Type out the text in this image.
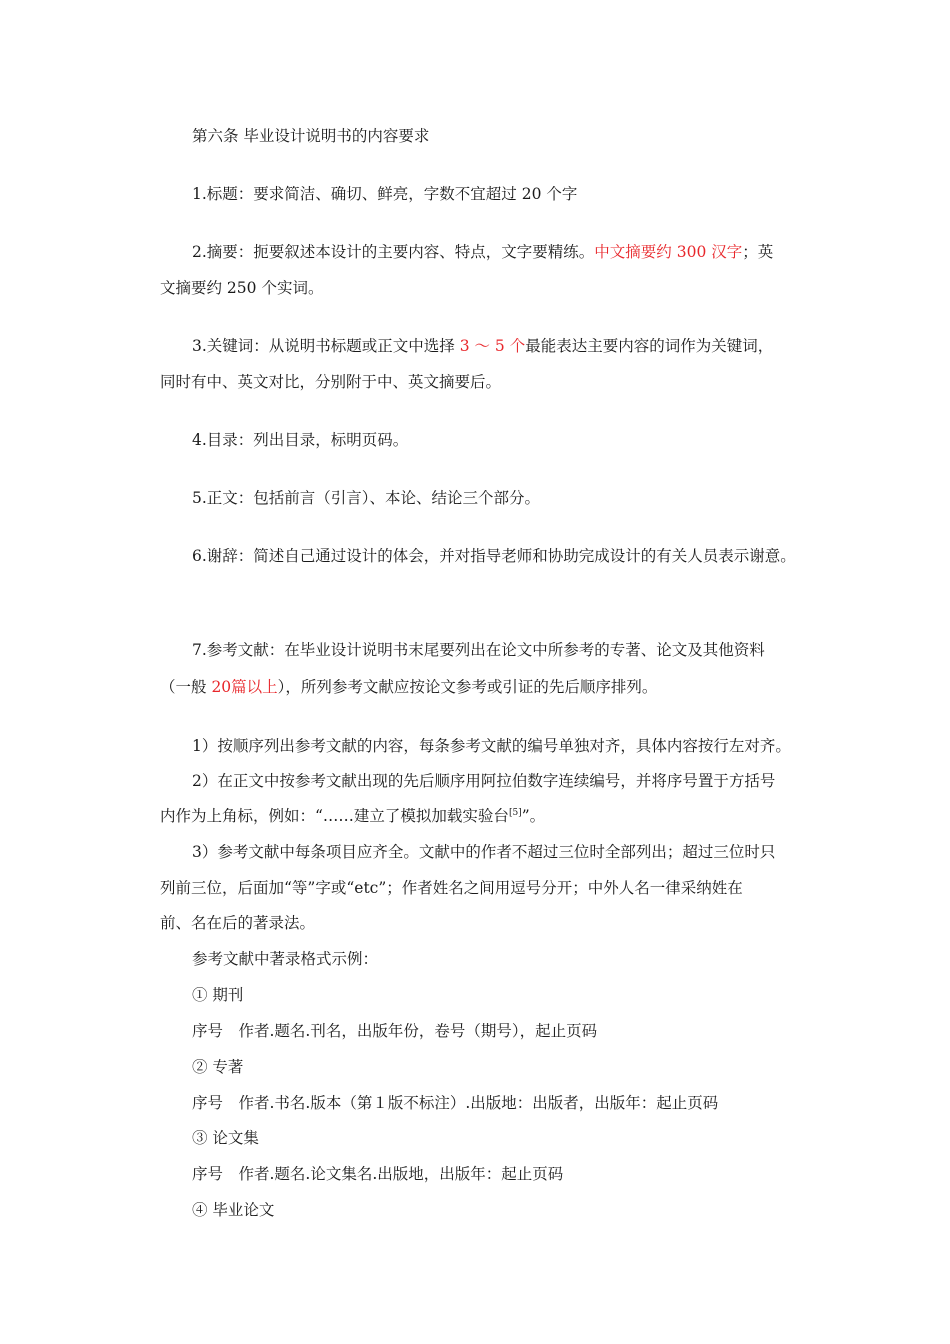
第六条 毕业设计说明书的内容要求
1.标题：要求简洁、确切、鲜亮，字数不宜超过 20 个字
2.摘要：扼要叙述本设计的主要内容、特点，文字要精练。中文摘要约 300 汉字；英
文摘要约 250 个实词。
3.关键词：从说明书标题或正文中选择 3 ～ 5 个最能表达主要内容的词作为关键词，
同时有中、英文对比，分别附于中、英文摘要后。
4.目录：列出目录，标明页码。
5.正文：包括前言（引言）、本论、结论三个部分。
6.谢辞：简述自己通过设计的体会，并对指导老师和协助完成设计的有关人员表示谢意。
7.参考文献：在毕业设计说明书末尾要列出在论文中所参考的专著、论文及其他资料
（一般 20篇以上），所列参考文献应按论文参考或引证的先后顺序排列。
1）按顺序列出参考文献的内容，每条参考文献的编号单独对齐，具体内容按行左对齐。
2）在正文中按参考文献出现的先后顺序用阿拉伯数字连续编号，并将序号置于方括号
内作为上角标，例如：“……建立了模拟加载实验台[5]”。
3）参考文献中每条项目应齐全。文献中的作者不超过三位时全部列出；超过三位时只
列前三位，后面加“等”字或“etc”；作者姓名之间用逗号分开；中外人名一律采纳姓在
前、名在后的著录法。
参考文献中著录格式示例：
① 期刊
序号　作者.题名.刊名，出版年份，卷号（期号），起止页码
② 专著
序号　作者.书名.版本（第１版不标注）.出版地：出版者，出版年：起止页码
③ 论文集
序号　作者.题名.论文集名.出版地，出版年：起止页码
④ 毕业论文
